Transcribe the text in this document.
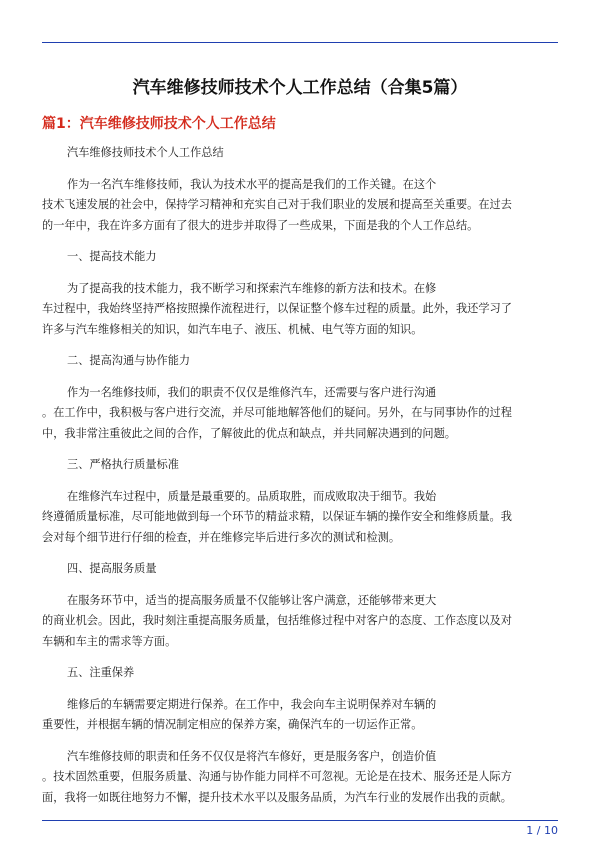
汽车维修技师技术个人工作总结（合集5篇）
篇1：汽车维修技师技术个人工作总结
汽车维修技师技术个人工作总结
作为一名汽车维修技师，我认为技术水平的提高是我们的工作关键。在这个
技术飞速发展的社会中，保持学习精神和充实自己对于我们职业的发展和提高至关重要。在过去
的一年中，我在许多方面有了很大的进步并取得了一些成果，下面是我的个人工作总结。
一、提高技术能力
为了提高我的技术能力，我不断学习和探索汽车维修的新方法和技术。在修
车过程中，我始终坚持严格按照操作流程进行，以保证整个修车过程的质量。此外，我还学习了
许多与汽车维修相关的知识，如汽车电子、液压、机械、电气等方面的知识。
二、提高沟通与协作能力
作为一名维修技师，我们的职责不仅仅是维修汽车，还需要与客户进行沟通
。在工作中，我积极与客户进行交流，并尽可能地解答他们的疑问。另外，在与同事协作的过程
中，我非常注重彼此之间的合作，了解彼此的优点和缺点，并共同解决遇到的问题。
三、严格执行质量标准
在维修汽车过程中，质量是最重要的。品质取胜，而成败取决于细节。我始
终遵循质量标准，尽可能地做到每一个环节的精益求精，以保证车辆的操作安全和维修质量。我
会对每个细节进行仔细的检查，并在维修完毕后进行多次的测试和检测。
四、提高服务质量
在服务环节中，适当的提高服务质量不仅能够让客户满意，还能够带来更大
的商业机会。因此，我时刻注重提高服务质量，包括维修过程中对客户的态度、工作态度以及对
车辆和车主的需求等方面。
五、注重保养
维修后的车辆需要定期进行保养。在工作中，我会向车主说明保养对车辆的
重要性，并根据车辆的情况制定相应的保养方案，确保汽车的一切运作正常。
汽车维修技师的职责和任务不仅仅是将汽车修好，更是服务客户，创造价值
。技术固然重要，但服务质量、沟通与协作能力同样不可忽视。无论是在技术、服务还是人际方
面，我将一如既往地努力不懈，提升技术水平以及服务品质，为汽车行业的发展作出我的贡献。
1 / 10
